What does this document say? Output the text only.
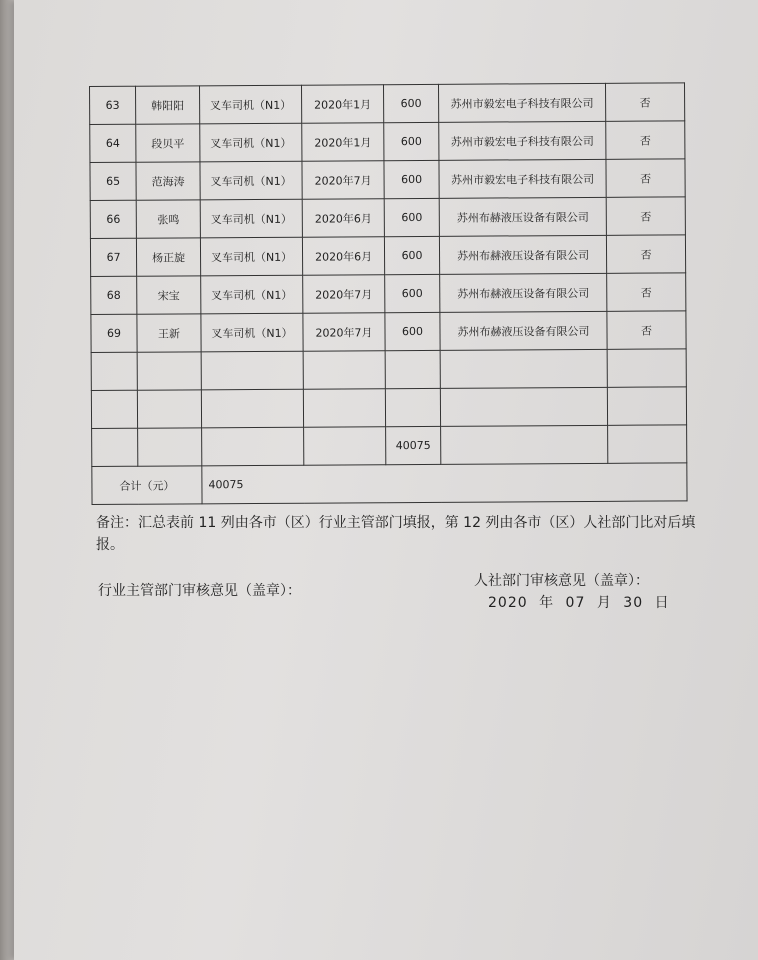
63	韩阳阳	叉车司机（N1）	2020年1月	600	苏州市毅宏电子科技有限公司	否
64	段贝平	叉车司机（N1）	2020年1月	600	苏州市毅宏电子科技有限公司	否
65	范海涛	叉车司机（N1）	2020年7月	600	苏州市毅宏电子科技有限公司	否
66	张鸣	叉车司机（N1）	2020年6月	600	苏州布赫液压设备有限公司	否
67	杨正旋	叉车司机（N1）	2020年6月	600	苏州布赫液压设备有限公司	否
68	宋宝	叉车司机（N1）	2020年7月	600	苏州布赫液压设备有限公司	否
69	王新	叉车司机（N1）	2020年7月	600	苏州布赫液压设备有限公司	否

				40075		
合计（元）		40075				
备注：汇总表前 11 列由各市（区）行业主管部门填报，第 12 列由各市（区）人社部门比对后填报。
行业主管部门审核意见（盖章）：
人社部门审核意见（盖章）：
2020 年 07 月 30 日
